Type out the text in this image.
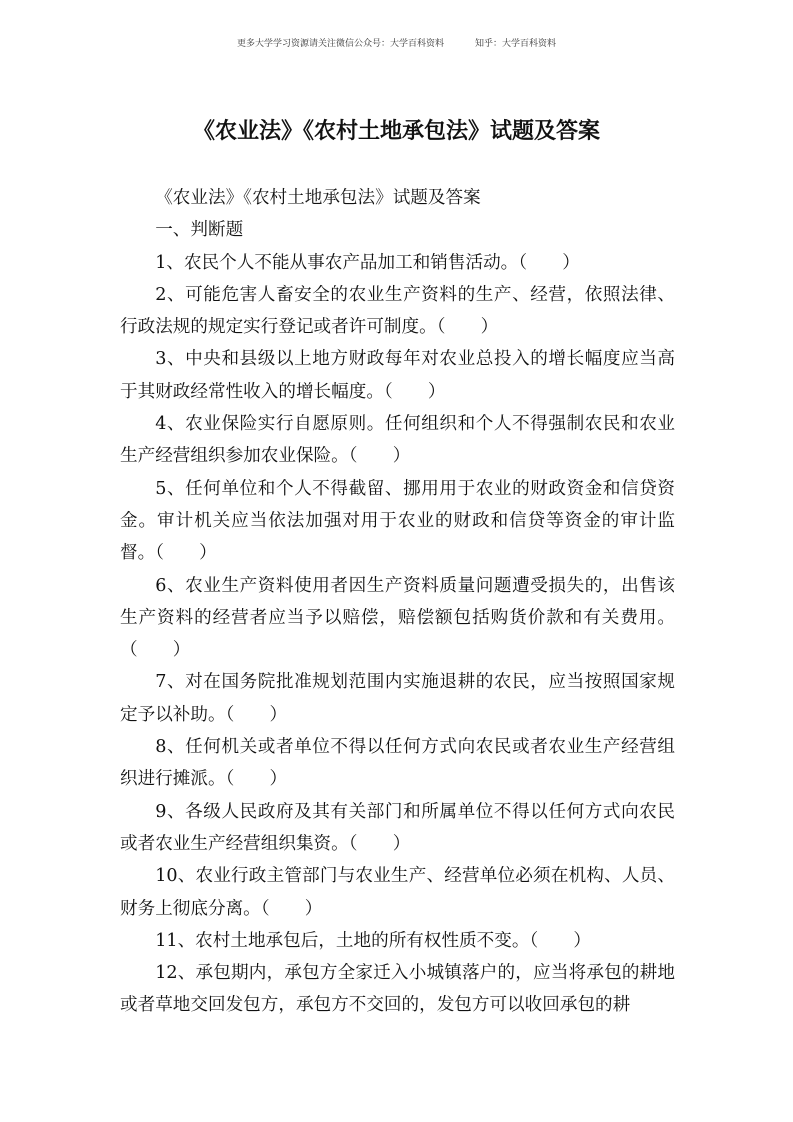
更多大学学习资源请关注微信公众号：大学百科资料	知乎：大学百科资料
《农业法》《农村土地承包法》试题及答案

《农业法》《农村土地承包法》试题及答案

一、判断题

1、农民个人不能从事农产品加工和销售活动。（　　）

2、可能危害人畜安全的农业生产资料的生产、经营，依照法律、行政法规的规定实行登记或者许可制度。（　　）

3、中央和县级以上地方财政每年对农业总投入的增长幅度应当高于其财政经常性收入的增长幅度。（　　）

4、农业保险实行自愿原则。任何组织和个人不得强制农民和农业生产经营组织参加农业保险。（　　）

5、任何单位和个人不得截留、挪用用于农业的财政资金和信贷资金。审计机关应当依法加强对用于农业的财政和信贷等资金的审计监督。（　　）

6、农业生产资料使用者因生产资料质量问题遭受损失的，出售该生产资料的经营者应当予以赔偿，赔偿额包括购货价款和有关费用。（　　）

7、对在国务院批准规划范围内实施退耕的农民，应当按照国家规定予以补助。（　　）

8、任何机关或者单位不得以任何方式向农民或者农业生产经营组织进行摊派。（　　）

9、各级人民政府及其有关部门和所属单位不得以任何方式向农民或者农业生产经营组织集资。（　　）

10、农业行政主管部门与农业生产、经营单位必须在机构、人员、财务上彻底分离。（　　）

11、农村土地承包后，土地的所有权性质不变。（　　）

12、承包期内，承包方全家迁入小城镇落户的，应当将承包的耕地或者草地交回发包方，承包方不交回的，发包方可以收回承包的耕
